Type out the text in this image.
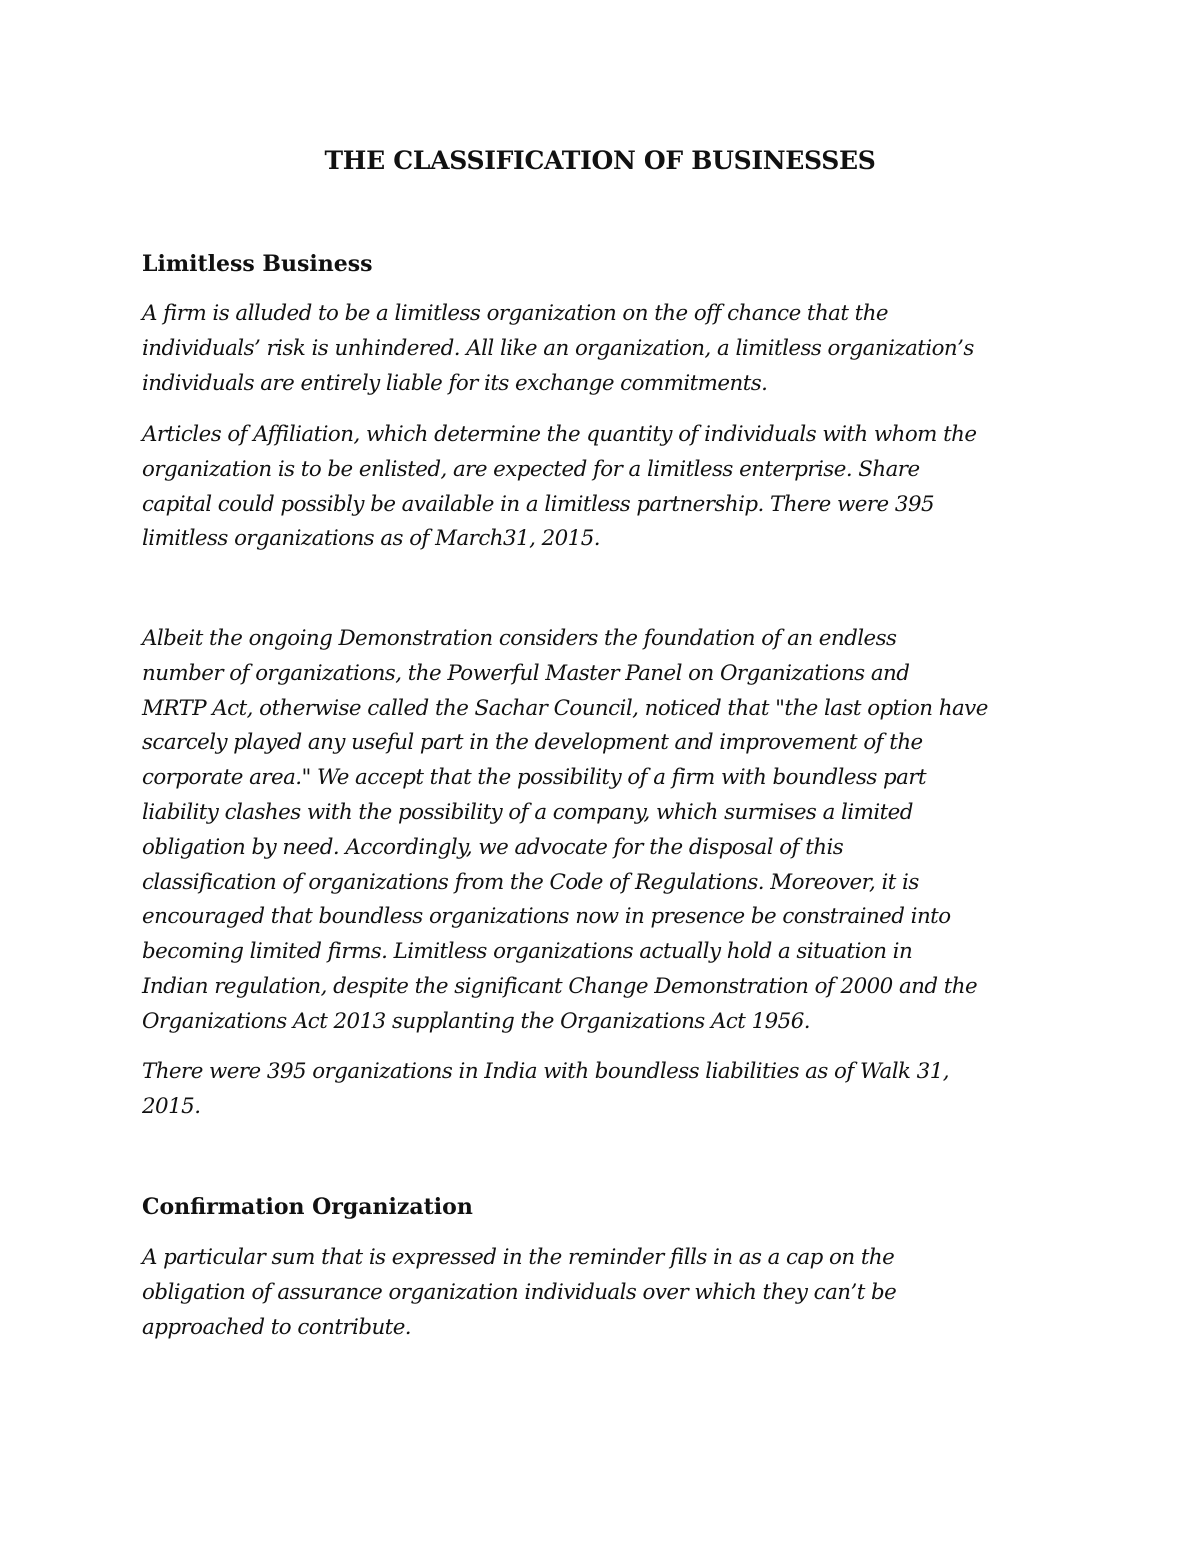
THE CLASSIFICATION OF BUSINESSES
Limitless Business
A firm is alluded to be a limitless organization on the off chance that the
individuals’ risk is unhindered. All like an organization, a limitless organization’s
individuals are entirely liable for its exchange commitments.
Articles of Affiliation, which determine the quantity of individuals with whom the
organization is to be enlisted, are expected for a limitless enterprise. Share
capital could possibly be available in a limitless partnership. There were 395
limitless organizations as of March31, 2015.
Albeit the ongoing Demonstration considers the foundation of an endless
number of organizations, the Powerful Master Panel on Organizations and
MRTP Act, otherwise called the Sachar Council, noticed that "the last option have
scarcely played any useful part in the development and improvement of the
corporate area." We accept that the possibility of a firm with boundless part
liability clashes with the possibility of a company, which surmises a limited
obligation by need. Accordingly, we advocate for the disposal of this
classification of organizations from the Code of Regulations. Moreover, it is
encouraged that boundless organizations now in presence be constrained into
becoming limited firms. Limitless organizations actually hold a situation in
Indian regulation, despite the significant Change Demonstration of 2000 and the
Organizations Act 2013 supplanting the Organizations Act 1956.
There were 395 organizations in India with boundless liabilities as of Walk 31,
2015.
Confirmation Organization
A particular sum that is expressed in the reminder fills in as a cap on the
obligation of assurance organization individuals over which they can’t be
approached to contribute.
